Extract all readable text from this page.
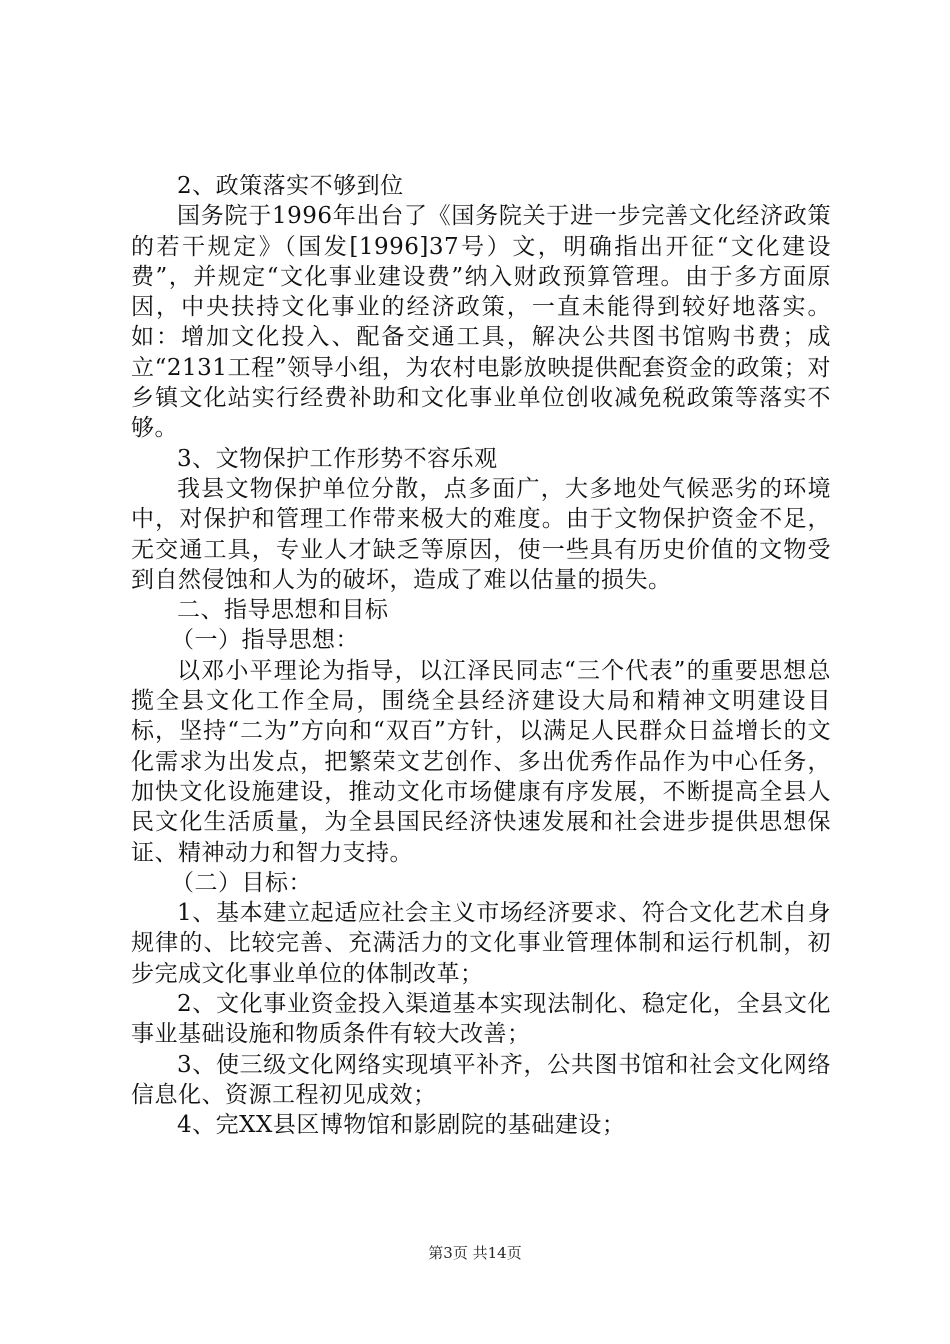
2、政策落实不够到位

国务院于1996年出台了《国务院关于进一步完善文化经济政策的若干规定》（国发[1996]37号）文，明确指出开征“文化建设费”，并规定“文化事业建设费”纳入财政预算管理。由于多方面原因，中央扶持文化事业的经济政策，一直未能得到较好地落实。如：增加文化投入、配备交通工具，解决公共图书馆购书费；成立“2131工程”领导小组，为农村电影放映提供配套资金的政策；对乡镇文化站实行经费补助和文化事业单位创收减免税政策等落实不够。

3、文物保护工作形势不容乐观

我县文物保护单位分散，点多面广，大多地处气候恶劣的环境中，对保护和管理工作带来极大的难度。由于文物保护资金不足，无交通工具，专业人才缺乏等原因，使一些具有历史价值的文物受到自然侵蚀和人为的破坏，造成了难以估量的损失。

二、指导思想和目标

（一）指导思想：

以邓小平理论为指导，以江泽民同志“三个代表”的重要思想总揽全县文化工作全局，围绕全县经济建设大局和精神文明建设目标，坚持“二为”方向和“双百”方针，以满足人民群众日益增长的文化需求为出发点，把繁荣文艺创作、多出优秀作品作为中心任务，加快文化设施建设，推动文化市场健康有序发展，不断提高全县人民文化生活质量，为全县国民经济快速发展和社会进步提供思想保证、精神动力和智力支持。

（二）目标：

1、基本建立起适应社会主义市场经济要求、符合文化艺术自身规律的、比较完善、充满活力的文化事业管理体制和运行机制，初步完成文化事业单位的体制改革；

2、文化事业资金投入渠道基本实现法制化、稳定化，全县文化事业基础设施和物质条件有较大改善；

3、使三级文化网络实现填平补齐，公共图书馆和社会文化网络信息化、资源工程初见成效；

4、完XX县区博物馆和影剧院的基础建设；

第3页 共14页
